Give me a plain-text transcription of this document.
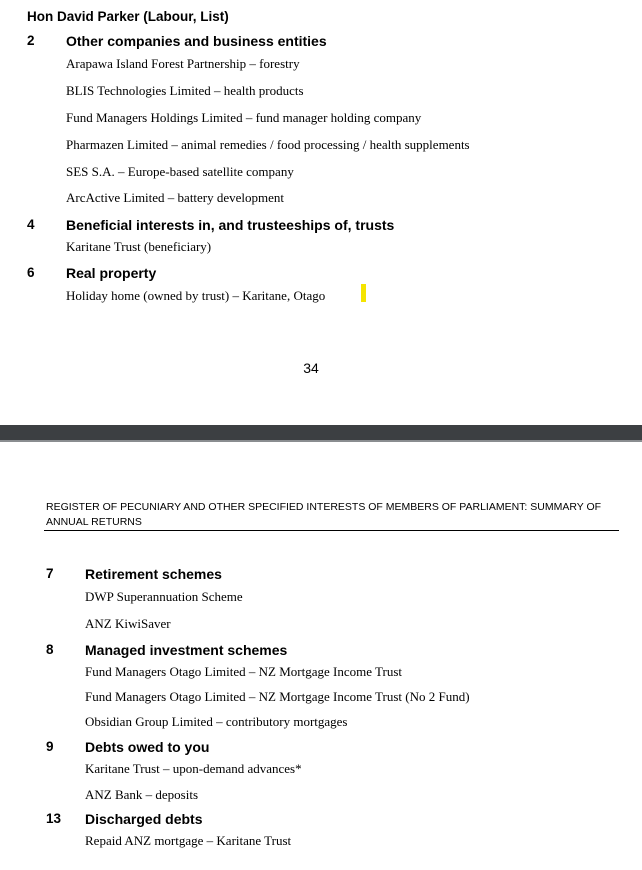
Hon David Parker (Labour, List)
2 Other companies and business entities
Arapawa Island Forest Partnership – forestry
BLIS Technologies Limited – health products
Fund Managers Holdings Limited – fund manager holding company
Pharmazen Limited – animal remedies / food processing / health supplements
SES S.A. – Europe-based satellite company
ArcActive Limited – battery development
4 Beneficial interests in, and trusteeships of, trusts
Karitane Trust (beneficiary)
6 Real property
Holiday home (owned by trust) – Karitane, Otago
34
REGISTER OF PECUNIARY AND OTHER SPECIFIED INTERESTS OF MEMBERS OF PARLIAMENT: SUMMARY OF ANNUAL RETURNS
7 Retirement schemes
DWP Superannuation Scheme
ANZ KiwiSaver
8 Managed investment schemes
Fund Managers Otago Limited – NZ Mortgage Income Trust
Fund Managers Otago Limited – NZ Mortgage Income Trust (No 2 Fund)
Obsidian Group Limited – contributory mortgages
9 Debts owed to you
Karitane Trust – upon-demand advances*
ANZ Bank – deposits
13 Discharged debts
Repaid ANZ mortgage – Karitane Trust
